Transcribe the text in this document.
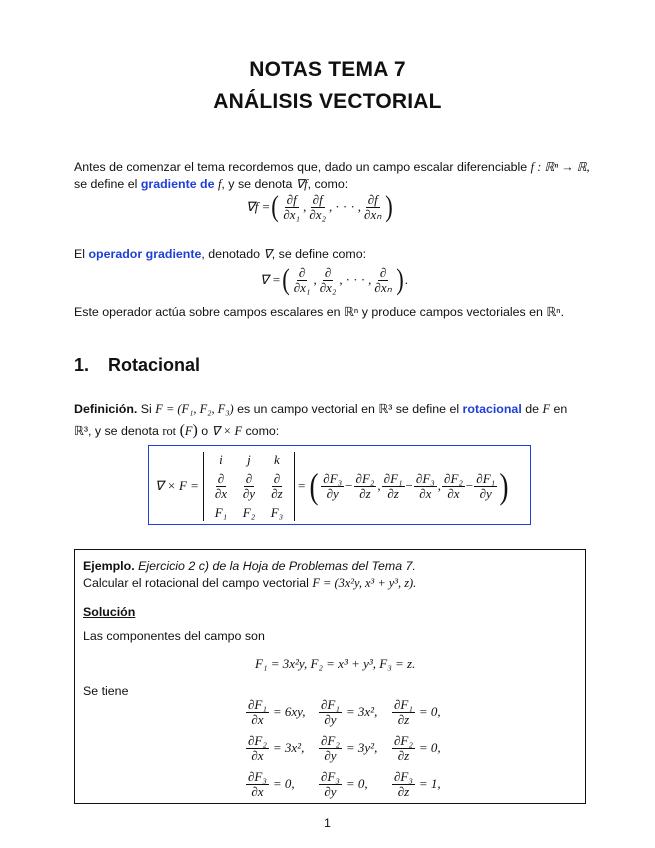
NOTAS TEMA 7
ANÁLISIS VECTORIAL
Antes de comenzar el tema recordemos que, dado un campo escalar diferenciable f : ℝⁿ → ℝ,
se define el gradiente de f, y se denota ∇f, como:
∇f = ( $\frac{\partial f}{\text{∂x₁}}$ , $\frac{\partial f}{\text{∂x₂}}$ , · · · , $\frac{\partial f}{\text{∂xₙ}}$ )
El operador gradiente, denotado ∇, se define como:
∇ = ( $\frac{\partial}{\text{∂x₁}}$ , $\frac{\partial}{\text{∂x₂}}$ , · · · , $\frac{\partial}{\text{∂xₙ}}$ ) .
Este operador actúa sobre campos escalares en ℝⁿ y produce campos vectoriales en ℝⁿ.
1. Rotacional
Definición. Si F = (F₁, F₂, F₃) es un campo vectorial en ℝ³ se define el rotacional de F en
ℝ³, y se denota rot (F) o ∇ × F como:
∇ × F =
i	j	k
$\frac{\partial}{\partial x} \frac{\partial}{\partial y} \frac{\partial}{\partial z}$
F₁	F₂	F₃
= ( $\frac{\text{∂F₃}}{\partial y} - \frac{\text{∂F₂}}{\partial z}$ , $\frac{\text{∂F₁}}{\partial z} - \frac{\text{∂F₃}}{\partial x}$ , $\frac{\text{∂F₂}}{\partial x} - \frac{\text{∂F₁}}{\partial y}$ )
Ejemplo. Ejercicio 2 c) de la Hoja de Problemas del Tema 7.
Calcular el rotacional del campo vectorial F = (3x²y, x³ + y³, z).
Solución
Las componentes del campo son
F₁ = 3x²y, F₂ = x³ + y³, F₃ = z.
Se tiene
$\frac{\text{∂F₁}}{\partial x} = 6xy$, $\frac{\text{∂F₁}}{\partial y} = 3x^2$, $\frac{\text{∂F₁}}{\partial z} = 0$,
$\frac{\text{∂F₂}}{\partial x} = 3x^2$, $\frac{\text{∂F₂}}{\partial y} = 3y^2$, $\frac{\text{∂F₂}}{\partial z} = 0$,
$\frac{\text{∂F₃}}{\partial x} = 0$, $\frac{\text{∂F₃}}{\partial y} = 0$, $\frac{\text{∂F₃}}{\partial z} = 1$,
1
